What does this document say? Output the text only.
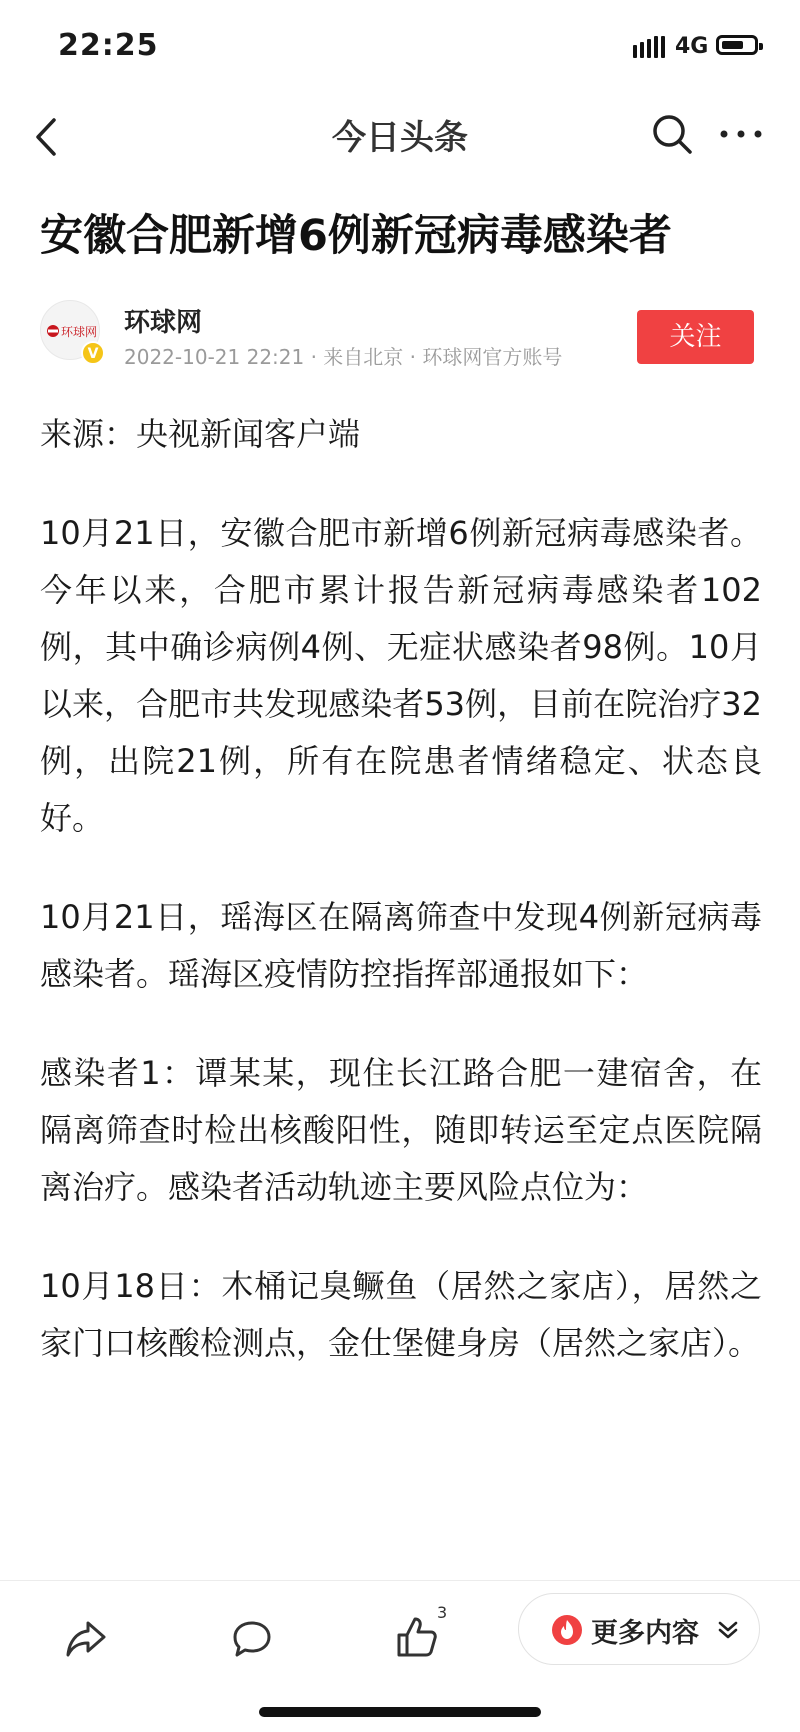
22:25	4G
今日头条
安徽合肥新增6例新冠病毒感染者
环球网
V
环球网
2022-10-21 22:21 · 来自北京 · 环球网官方账号
关注

来源：央视新闻客户端

10月21日，安徽合肥市新增6例新冠病毒感染者。今年以来，合肥市累计报告新冠病毒感染者102例，其中确诊病例4例、无症状感染者98例。10月以来，合肥市共发现感染者53例，目前在院治疗32例，出院21例，所有在院患者情绪稳定、状态良好。

10月21日，瑶海区在隔离筛查中发现4例新冠病毒感染者。瑶海区疫情防控指挥部通报如下：

感染者1：谭某某，现住长江路合肥一建宿舍，在隔离筛查时检出核酸阳性，随即转运至定点医院隔离治疗。感染者活动轨迹主要风险点位为：

10月18日：木桶记臭鳜鱼（居然之家店），居然之家门口核酸检测点，金仕堡健身房（居然之家店）。

3
更多内容
